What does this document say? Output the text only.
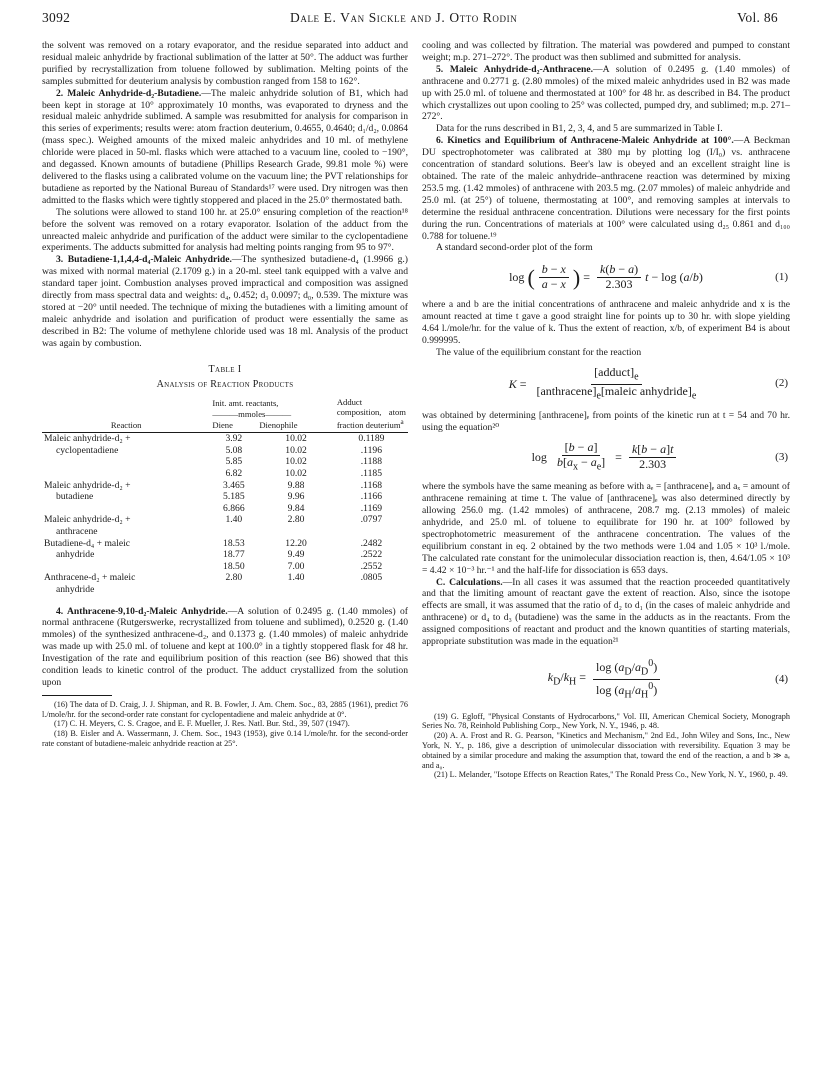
3092	Dale E. Van Sickle and J. Otto Rodin	Vol. 86

the solvent was removed on a rotary evaporator, and the residue separated into adduct and residual maleic anhydride by fractional sublimation of the latter at 50°. The adduct was further purified by recrystallization from toluene followed by sublimation. Melting points of the samples submitted for deuterium analysis by combustion ranged from 158 to 162°.

2. Maleic Anhydride-d₂-Butadiene.—The maleic anhydride solution of B1, which had been kept in storage at 10° approximately 10 months, was evaporated to dryness and the residual maleic anhydride sublimed. A sample was resubmitted for analysis for comparison in this series of experiments; results were: atom fraction deuterium, 0.4655, 0.4640; d₁/d₂, 0.0864 (mass spec.). Weighed amounts of the mixed maleic anhydrides and 10 ml. of methylene chloride were placed in 50-ml. flasks which were attached to a vacuum line, cooled to −190°, and degassed. Known amounts of butadiene (Phillips Research Grade, 99.81 mole %) were delivered to the flasks using a calibrated volume on the vacuum line; the PVT relationships for butadiene as reported by the National Bureau of Standards¹⁷ were used. Dry nitrogen was then admitted to the flasks which were tightly stoppered and placed in the 25.0° thermostated bath.

The solutions were allowed to stand 100 hr. at 25.0° ensuring completion of the reaction¹⁸ before the solvent was removed on a rotary evaporator. Isolation of the adduct from the unreacted maleic anhydride and purification of the adduct were similar to the cyclopentadiene experiments. The adducts submitted for analysis had melting points ranging from 95 to 97°.

3. Butadiene-1,1,4,4-d₄-Maleic Anhydride.—The synthesized butadiene-d₄ (1.9966 g.) was mixed with normal material (2.1709 g.) in a 20-ml. steel tank equipped with a valve and standard taper joint. Combustion analyses proved impractical and composition was assigned directly from mass spectral data and weights: d₄, 0.452; d₃ 0.0097; d₀, 0.539. The mixture was stored at −20° until needed. The technique of mixing the butadienes with a limiting amount of maleic anhydride and isolation and purification of product were essentially the same as described in B2: The volume of methylene chloride used was 18 ml. Analysis of the product was again by combustion.

Table I
Analysis of Reaction Products
Reaction	Init. amt. reactants,		Adduct composition, atom fraction deuterium$^a$
	———mmoles———		
	Diene	Dienophile	

Maleic anhydride-d₂ +	3.92	10.02	0.1189
cyclopentadiene	5.08	10.02	.1196
	5.85	10.02	.1188
	6.82	10.02	.1185
Maleic anhydride-d₂ +	3.465	9.88	.1168
butadiene	5.185	9.96	.1166
	6.866	9.84	.1169
Maleic anhydride-d₂ +	1.40	2.80	.0797
anthracene			
Butadiene-d₄ + maleic	18.53	12.20	.2482
anhydride	18.77	9.49	.2522
	18.50	7.00	.2552
Anthracene-d₂ + maleic	2.80	1.40	.0805
anhydride			

4. Anthracene-9,10-d₂-Maleic Anhydride.—A solution of 0.2495 g. (1.40 mmoles) of normal anthracene (Rutgerswerke, recrystallized from toluene and sublimed), 0.2520 g. (1.40 mmoles) of the synthesized anthracene-d₂, and 0.1373 g. (1.40 mmoles) of maleic anhydride was made up with 25.0 ml. of toluene and kept at 100.0° in a tightly stoppered flask for 48 hr. Investigation of the rate and equilibrium position of this reaction (see B6) showed that this condition leads to kinetic control of the product. The adduct crystallized from the solution upon

(16) The data of D. Craig, J. J. Shipman, and R. B. Fowler, J. Am. Chem. Soc., 83, 2885 (1961), predict 76 l./mole/hr. for the second-order rate constant for cyclopentadiene and maleic anhydride at 0°.

(17) C. H. Meyers, C. S. Cragoe, and E. F. Mueller, J. Res. Natl. Bur. Std., 39, 507 (1947).

(18) B. Eisler and A. Wassermann, J. Chem. Soc., 1943 (1953), give 0.14 l./mole/hr. for the second-order rate constant of butadiene-maleic anhydride reaction at 25°.

cooling and was collected by filtration. The material was powdered and pumped to constant weight; m.p. 271–272°. The product was then sublimed and submitted for analysis.

5. Maleic Anhydride-d₂-Anthracene.—A solution of 0.2495 g. (1.40 mmoles) of anthracene and 0.2771 g. (2.80 mmoles) of the mixed maleic anhydrides used in B2 was made up with 25.0 ml. of toluene and thermostated at 100° for 48 hr. as described in B4. The product which crystallizes out upon cooling to 25° was collected, pumped dry, and sublimed; m.p. 271–272°.

Data for the runs described in B1, 2, 3, 4, and 5 are summarized in Table I.

6. Kinetics and Equilibrium of Anthracene-Maleic Anhydride at 100°.—A Beckman DU spectrophotometer was calibrated at 380 mμ by plotting log (I/I₀) vs. anthracene concentration of standard solutions. Beer's law is obeyed and an excellent straight line is obtained. The rate of the maleic anhydride–anthracene reaction was determined by mixing 253.5 mg. (1.42 mmoles) of anthracene with 203.5 mg. (2.07 mmoles) of maleic anhydride and 25.0 ml. (at 25°) of toluene, thermostating at 100°, and removing samples at intervals to determine the residual anthracene concentration. Dilutions were necessary for the first points during the run. Concentrations of materials at 100° were calculated using d₂₅ 0.861 and d₁₀₀ 0.788 for toluene.¹⁹

A standard second-order plot of the form

log ( $\frac{b - x}{a - x}$ ) = $\frac{k(b - a)}{2.303}$ t − log (a/b)	(1)

where a and b are the initial concentrations of anthracene and maleic anhydride and x is the amount reacted at time t gave a good straight line for points up to 30 hr. with slope yielding 4.64 l./mole/hr. for the value of k. Thus the extent of reaction, x/b, of experiment B4 is about 0.999995.

The value of the equilibrium constant for the reaction

$K = \frac{[adduct]_e}{[anthracene]_e[maleic anhydride]_e}$	(2)

was obtained by determining [anthracene]ₑ from points of the kinetic run at t = 54 and 70 hr. using the equation²⁰

$\log \frac{[b - a]}{b[a_x - a_e]} = \frac{k[b - a]t}{2.303}$	(3)

where the symbols have the same meaning as before with aₑ = [anthracene]ₑ and aₓ = amount of anthracene remaining at time t. The value of [anthracene]ₑ was also determined directly by allowing 256.0 mg. (1.42 mmoles) of anthracene, 208.7 mg. (2.13 mmoles) of maleic anhydride, and 25.0 ml. of toluene to equilibrate for 190 hr. at 100° followed by spectrophotometric measurement of the anthracene concentration. The values of the equilibrium constant in eq. 2 obtained by the two methods were 1.04 and 1.05 × 10³ l./mole. The calculated rate constant for the unimolecular dissociation reaction is, then, 4.64/1.05 × 10³ = 4.42 × 10⁻³ hr.⁻¹ and the half-life for dissociation is 653 days.

C. Calculations.—In all cases it was assumed that the reaction proceeded quantitatively and that the limiting amount of reactant gave the extent of reaction. Also, since the isotope effects are small, it was assumed that the ratio of d₂ to d₁ (in the cases of maleic anhydride and anthracene) or d₄ to d₃ (butadiene) was the same in the adducts as in the reactants. From the assigned compositions of reactant and product and the known quantities of starting materials, appropriate substitution was made in the equation²¹

$k_D/k_H = \frac{\log (a_D/a_D^0)}{\log (a_H/a_H^0)}$	(4)

(19) G. Egloff, "Physical Constants of Hydrocarbons," Vol. III, American Chemical Society, Monograph Series No. 78, Reinhold Publishing Corp., New York, N. Y., 1946, p. 48.

(20) A. A. Frost and R. G. Pearson, "Kinetics and Mechanism," 2nd Ed., John Wiley and Sons, Inc., New York, N. Y., p. 186, give a description of unimolecular dissociation with reversibility. Equation 3 may be obtained by a similar procedure and making the assumption that, toward the end of the reaction, a and b ≫ aₑ and a₀.

(21) L. Melander, "Isotope Effects on Reaction Rates," The Ronald Press Co., New York, N. Y., 1960, p. 49.
